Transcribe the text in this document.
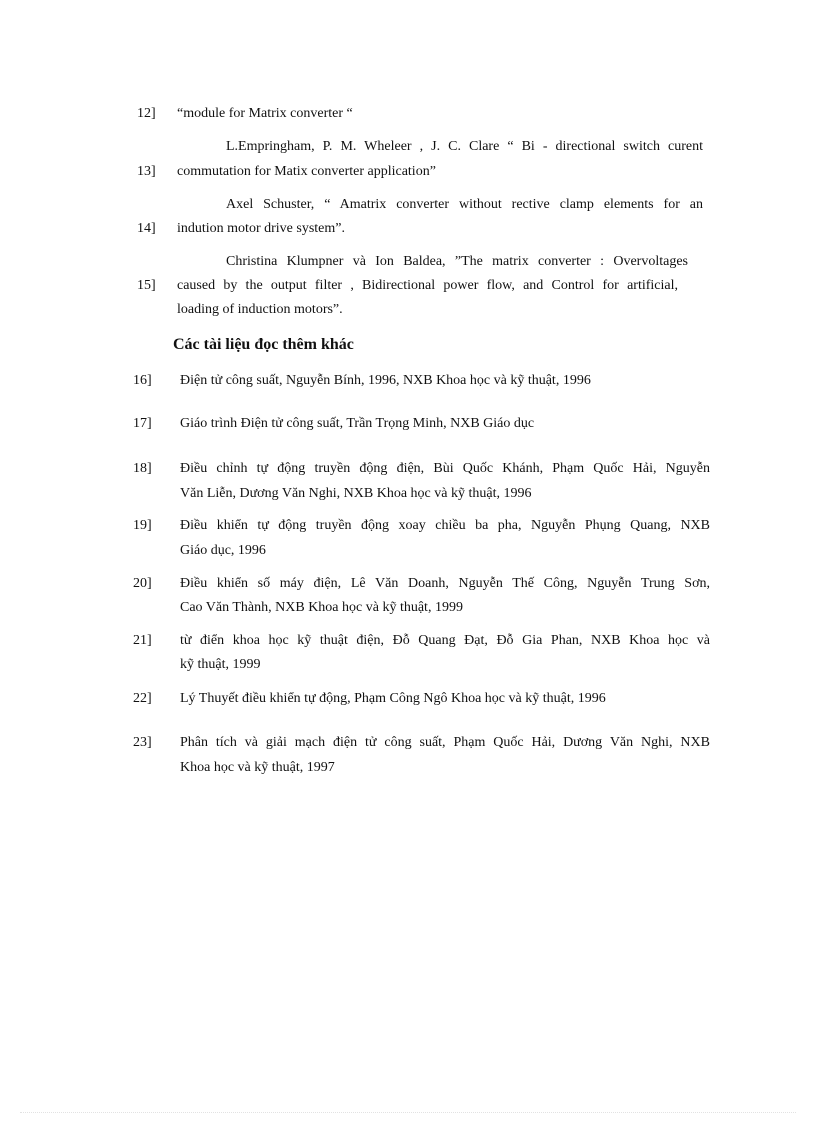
12] “module for Matrix converter “
L.Empringham, P. M. Wheleer , J. C. Clare “ Bi - directional switch curent
13] commutation for Matix converter application”
Axel Schuster, “ Amatrix converter without rective clamp elements for an
14] indution motor drive system”.
Christina Klumpner và Ion Baldea, ”The matrix converter : Overvoltages
15] caused by the output filter , Bidirectional power flow, and Control for artificial,
loading of induction motors”.
Các tài liệu đọc thêm khác
16] Điện tử công suất, Nguyễn Bính, 1996, NXB Khoa học và kỹ thuật, 1996
17] Giáo trình Điện tử công suất, Trần Trọng Minh, NXB Giáo dục
18] Điều chỉnh tự động truyền động điện, Bùi Quốc Khánh, Phạm Quốc Hải, Nguyễn
Văn Liễn, Dương Văn Nghi, NXB Khoa học và kỹ thuật, 1996
19] Điều khiển tự động truyền động xoay chiều ba pha, Nguyễn Phụng Quang, NXB
Giáo dục, 1996
20] Điều khiển số máy điện, Lê Văn Doanh, Nguyễn Thế Công, Nguyễn Trung Sơn,
Cao Văn Thành, NXB Khoa học và kỹ thuật, 1999
21] từ điển khoa học kỹ thuật điện, Đỗ Quang Đạt, Đỗ Gia Phan, NXB Khoa học và
kỹ thuật, 1999
22] Lý Thuyết điều khiển tự động, Phạm Công Ngô Khoa học và kỹ thuật, 1996
23] Phân tích và giải mạch điện tử công suất, Phạm Quốc Hải, Dương Văn Nghi, NXB
Khoa học và kỹ thuật, 1997
